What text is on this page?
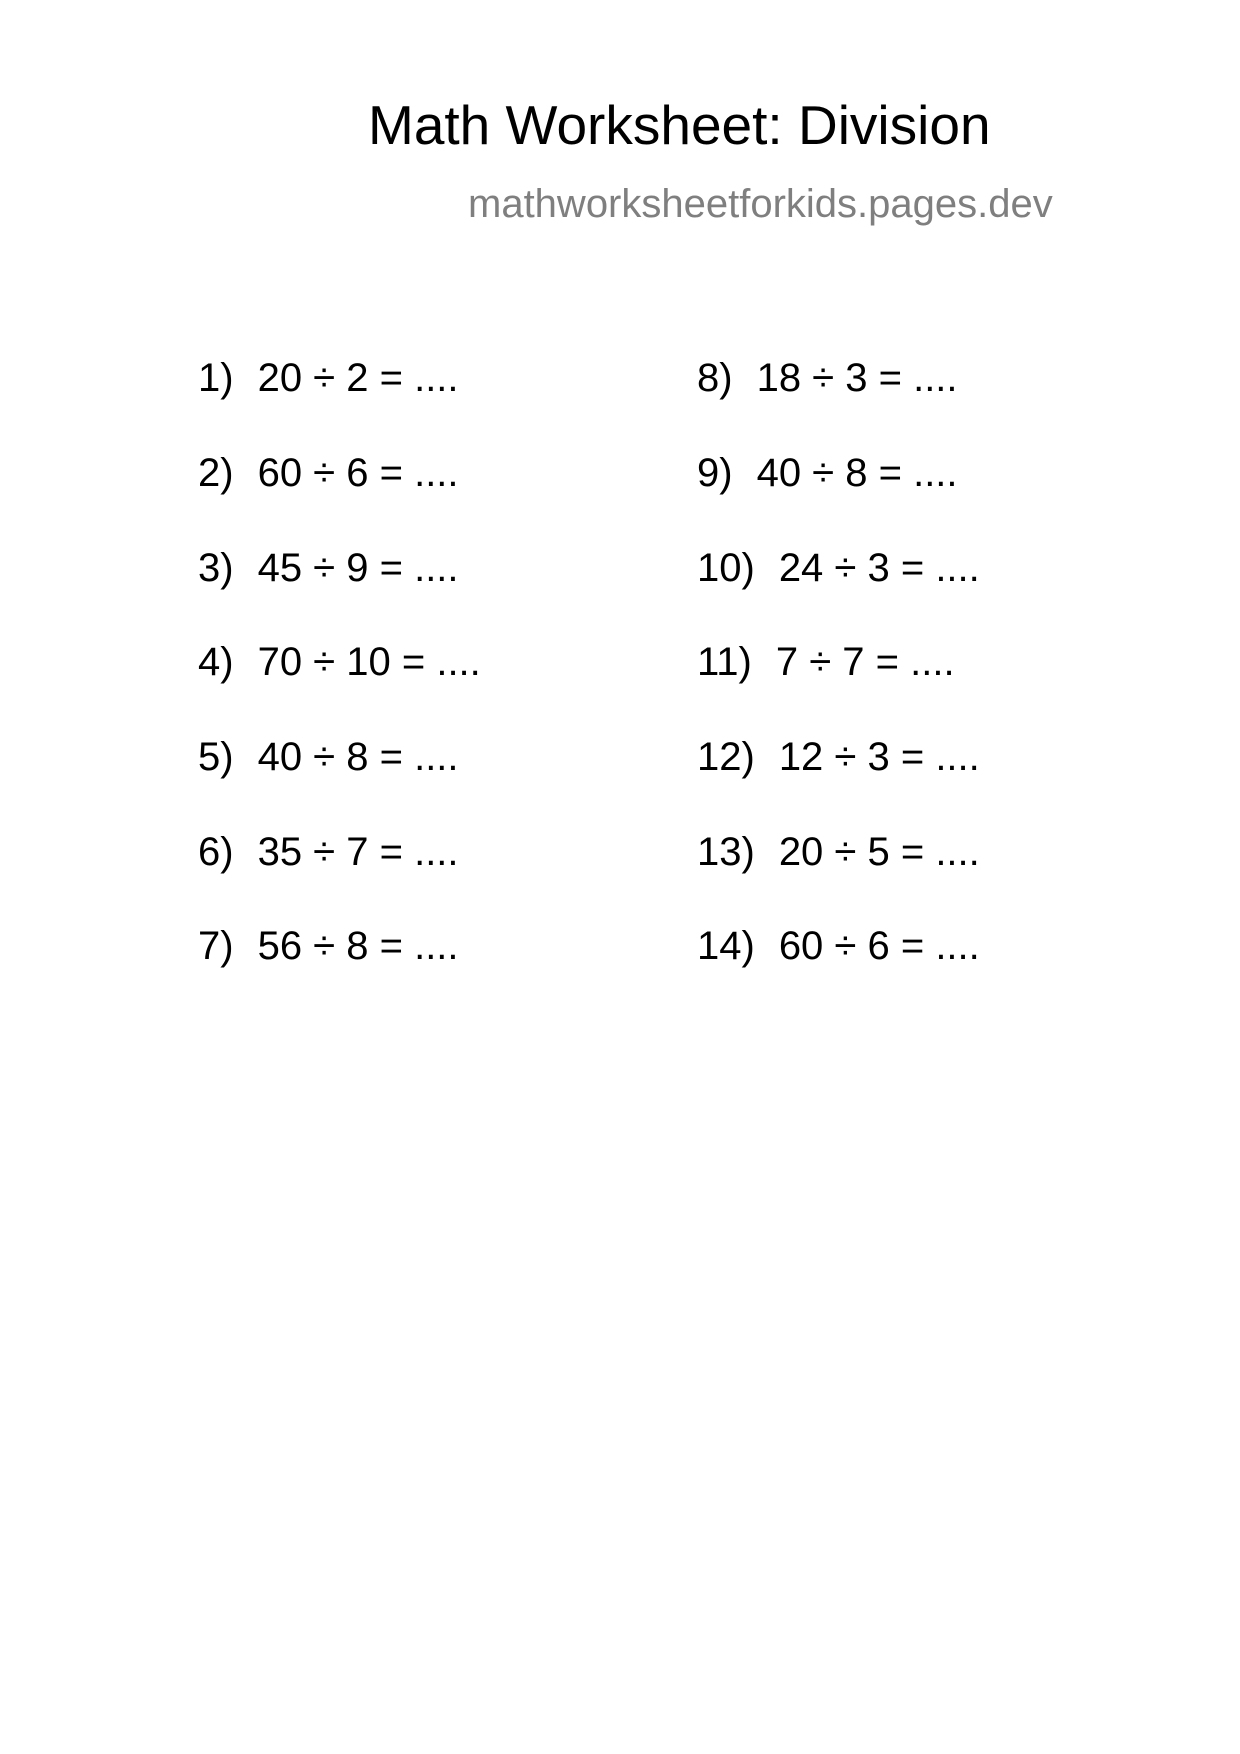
Math Worksheet: Division
mathworksheetforkids.pages.dev
1) 20 ÷ 2 = ....
2) 60 ÷ 6 = ....
3) 45 ÷ 9 = ....
4) 70 ÷ 10 = ....
5) 40 ÷ 8 = ....
6) 35 ÷ 7 = ....
7) 56 ÷ 8 = ....
8) 18 ÷ 3 = ....
9) 40 ÷ 8 = ....
10) 24 ÷ 3 = ....
11) 7 ÷ 7 = ....
12) 12 ÷ 3 = ....
13) 20 ÷ 5 = ....
14) 60 ÷ 6 = ....
